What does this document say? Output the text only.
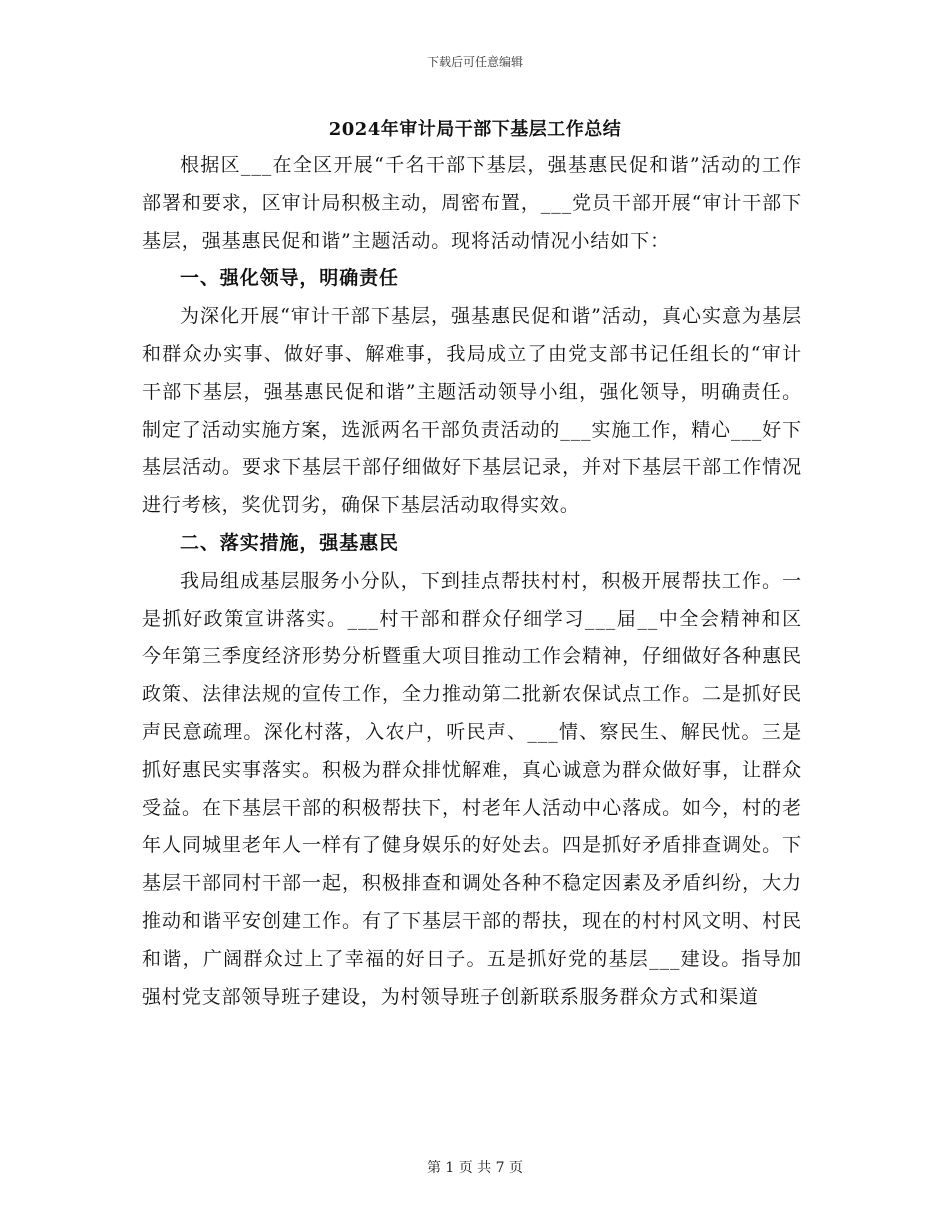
下载后可任意编辑
2024年审计局干部下基层工作总结

根据区___在全区开展“千名干部下基层，强基惠民促和谐”活动的工作部署和要求，区审计局积极主动，周密布置，___党员干部开展“审计干部下基层，强基惠民促和谐”主题活动。现将活动情况小结如下：

一、强化领导，明确责任

为深化开展“审计干部下基层，强基惠民促和谐”活动，真心实意为基层和群众办实事、做好事、解难事，我局成立了由党支部书记任组长的“审计干部下基层，强基惠民促和谐”主题活动领导小组，强化领导，明确责任。制定了活动实施方案，选派两名干部负责活动的___实施工作，精心___好下基层活动。要求下基层干部仔细做好下基层记录，并对下基层干部工作情况进行考核，奖优罚劣，确保下基层活动取得实效。

二、落实措施，强基惠民

我局组成基层服务小分队，下到挂点帮扶村村，积极开展帮扶工作。一是抓好政策宣讲落实。___村干部和群众仔细学习___届__中全会精神和区今年第三季度经济形势分析暨重大项目推动工作会精神，仔细做好各种惠民政策、法律法规的宣传工作，全力推动第二批新农保试点工作。二是抓好民声民意疏理。深化村落，入农户，听民声、___情、察民生、解民忧。三是抓好惠民实事落实。积极为群众排忧解难，真心诚意为群众做好事，让群众受益。在下基层干部的积极帮扶下，村老年人活动中心落成。如今，村的老年人同城里老年人一样有了健身娱乐的好处去。四是抓好矛盾排查调处。下基层干部同村干部一起，积极排查和调处各种不稳定因素及矛盾纠纷，大力推动和谐平安创建工作。有了下基层干部的帮扶，现在的村村风文明、村民和谐，广阔群众过上了幸福的好日子。五是抓好党的基层___建设。指导加强村党支部领导班子建设，为村领导班子创新联系服务群众方式和渠道

第 1 页 共 7 页
